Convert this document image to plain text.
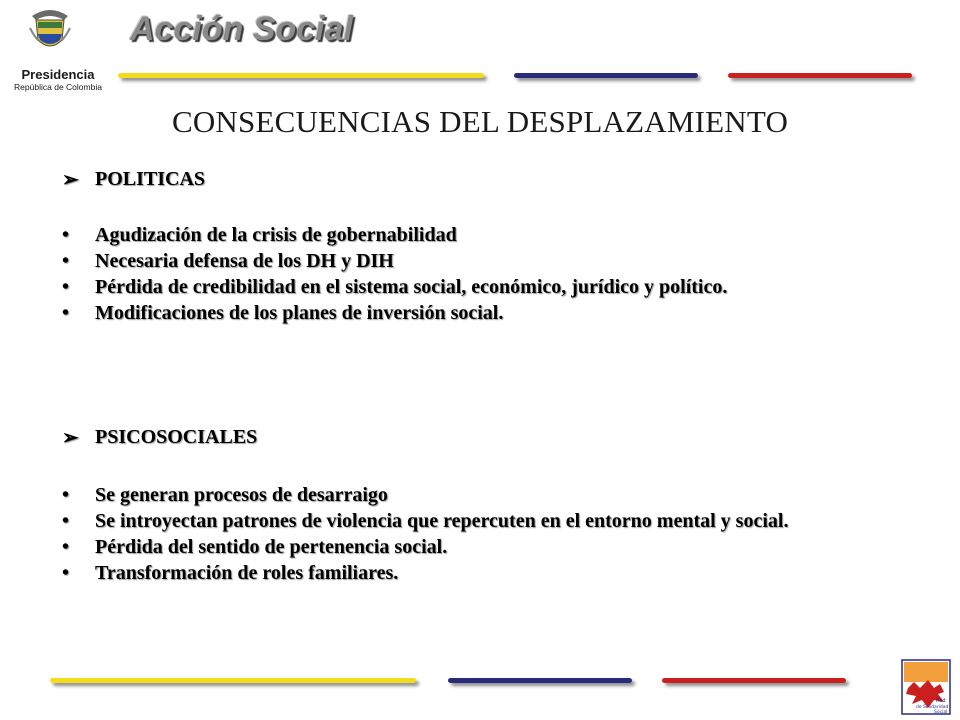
Presidencia
República de Colombia
Acción Social
CONSECUENCIAS DEL DESPLAZAMIENTO
➢ POLITICAS
•	Agudización de la crisis de gobernabilidad
•	Necesaria defensa de los DH y DIH
•	Pérdida de credibilidad en el sistema social, económico, jurídico y político.
•	Modificaciones de los planes de inversión social.
➢ PSICOSOCIALES
•	Se generan procesos de desarraigo
•	Se introyectan patrones de violencia que repercuten en el entorno mental y social.
•	Pérdida del sentido de pertenencia social.
•	Transformación de roles familiares.
Red
de Solidaridad
Social
